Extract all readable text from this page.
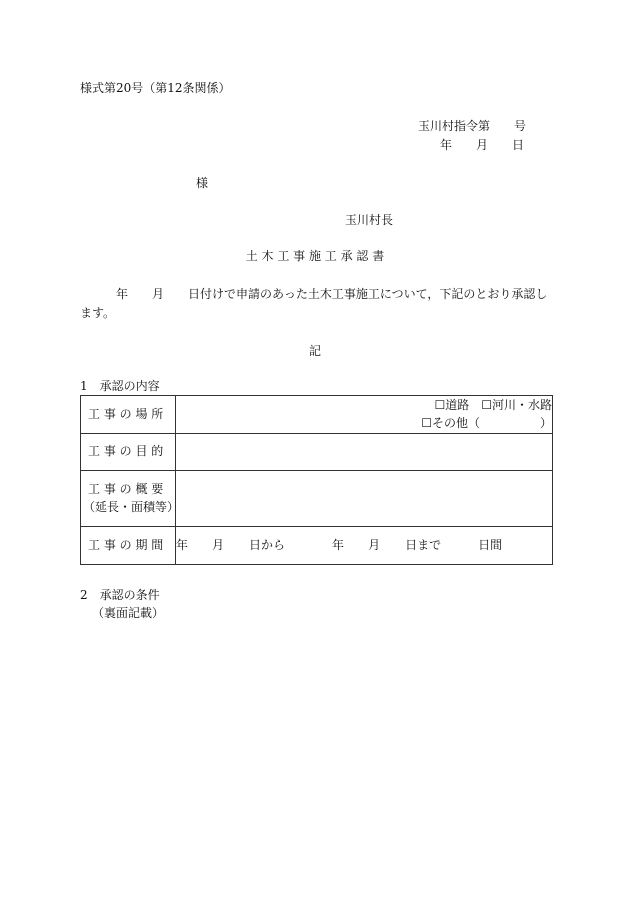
様式第20号（第12条関係）
玉川村指令第　　号
年　　月　　日
様
玉川村長
土 木 工 事 施 工 承 認 書
　　　年　　月　　日付けで申請のあった土木工事施工について，下記のとおり承認します。
記
1　承認の内容
工 事 の 場 所	☐道路　☐河川・水路
☐その他（　　　　　）

工 事 の 目 的	

工 事 の 概 要
（延長・面積等）	

工 事 の 期 間	年 月 日から 年 月 日まで 日間
2　承認の条件
（裏面記載）
